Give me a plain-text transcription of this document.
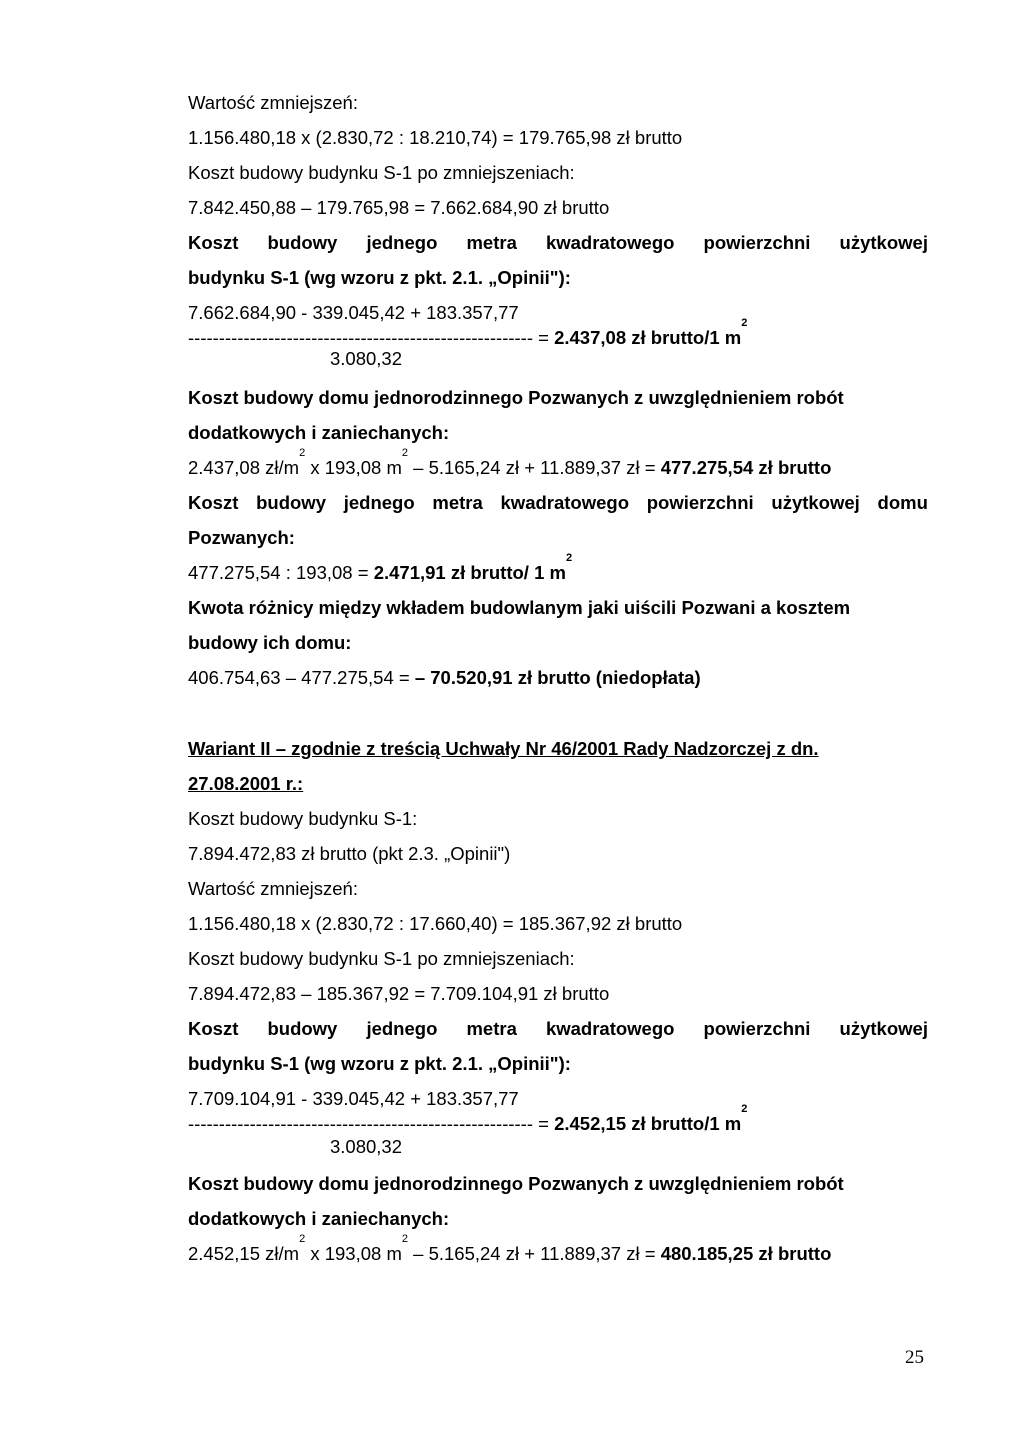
Wartość zmniejszeń:
1.156.480,18 x (2.830,72 : 18.210,74) = 179.765,98 zł brutto
Koszt budowy budynku S-1 po zmniejszeniach:
7.842.450,88 – 179.765,98 = 7.662.684,90 zł brutto
Koszt budowy jednego metra kwadratowego powierzchni użytkowej
budynku S-1 (wg wzoru z pkt. 2.1. „Opinii"):
7.662.684,90 - 339.045,42 + 183.357,77
-------------------------------------------------------- = 2.437,08 zł brutto/1 $m^2$
3.080,32
Koszt budowy domu jednorodzinnego Pozwanych z uwzględnieniem robót
dodatkowych i zaniechanych:
2.437,08 $zł/m^2$ x 193,08 $m^2 - 5.165,24$ zł + 11.889,37 zł = 477.275,54 zł brutto
Koszt budowy jednego metra kwadratowego powierzchni użytkowej domu
Pozwanych:
477.275,54 : 193,08 = 2.471,91 zł brutto/ 1 $m^2$
Kwota różnicy między wkładem budowlanym jaki uiścili Pozwani a kosztem
budowy ich domu:
406.754,63 – 477.275,54 = – 70.520,91 zł brutto (niedopłata)
Wariant II – zgodnie z treścią Uchwały Nr 46/2001 Rady Nadzorczej z dn.
27.08.2001 r.:
Koszt budowy budynku S-1:
7.894.472,83 zł brutto (pkt 2.3. „Opinii")
Wartość zmniejszeń:
1.156.480,18 x (2.830,72 : 17.660,40) = 185.367,92 zł brutto
Koszt budowy budynku S-1 po zmniejszeniach:
7.894.472,83 – 185.367,92 = 7.709.104,91 zł brutto
Koszt budowy jednego metra kwadratowego powierzchni użytkowej
budynku S-1 (wg wzoru z pkt. 2.1. „Opinii"):
7.709.104,91 - 339.045,42 + 183.357,77
-------------------------------------------------------- = 2.452,15 zł brutto/1 $m^2$
3.080,32
Koszt budowy domu jednorodzinnego Pozwanych z uwzględnieniem robót
dodatkowych i zaniechanych:
2.452,15 $zł/m^2$ x 193,08 $m^2 - 5.165,24$ zł + 11.889,37 zł = 480.185,25 zł brutto
25
